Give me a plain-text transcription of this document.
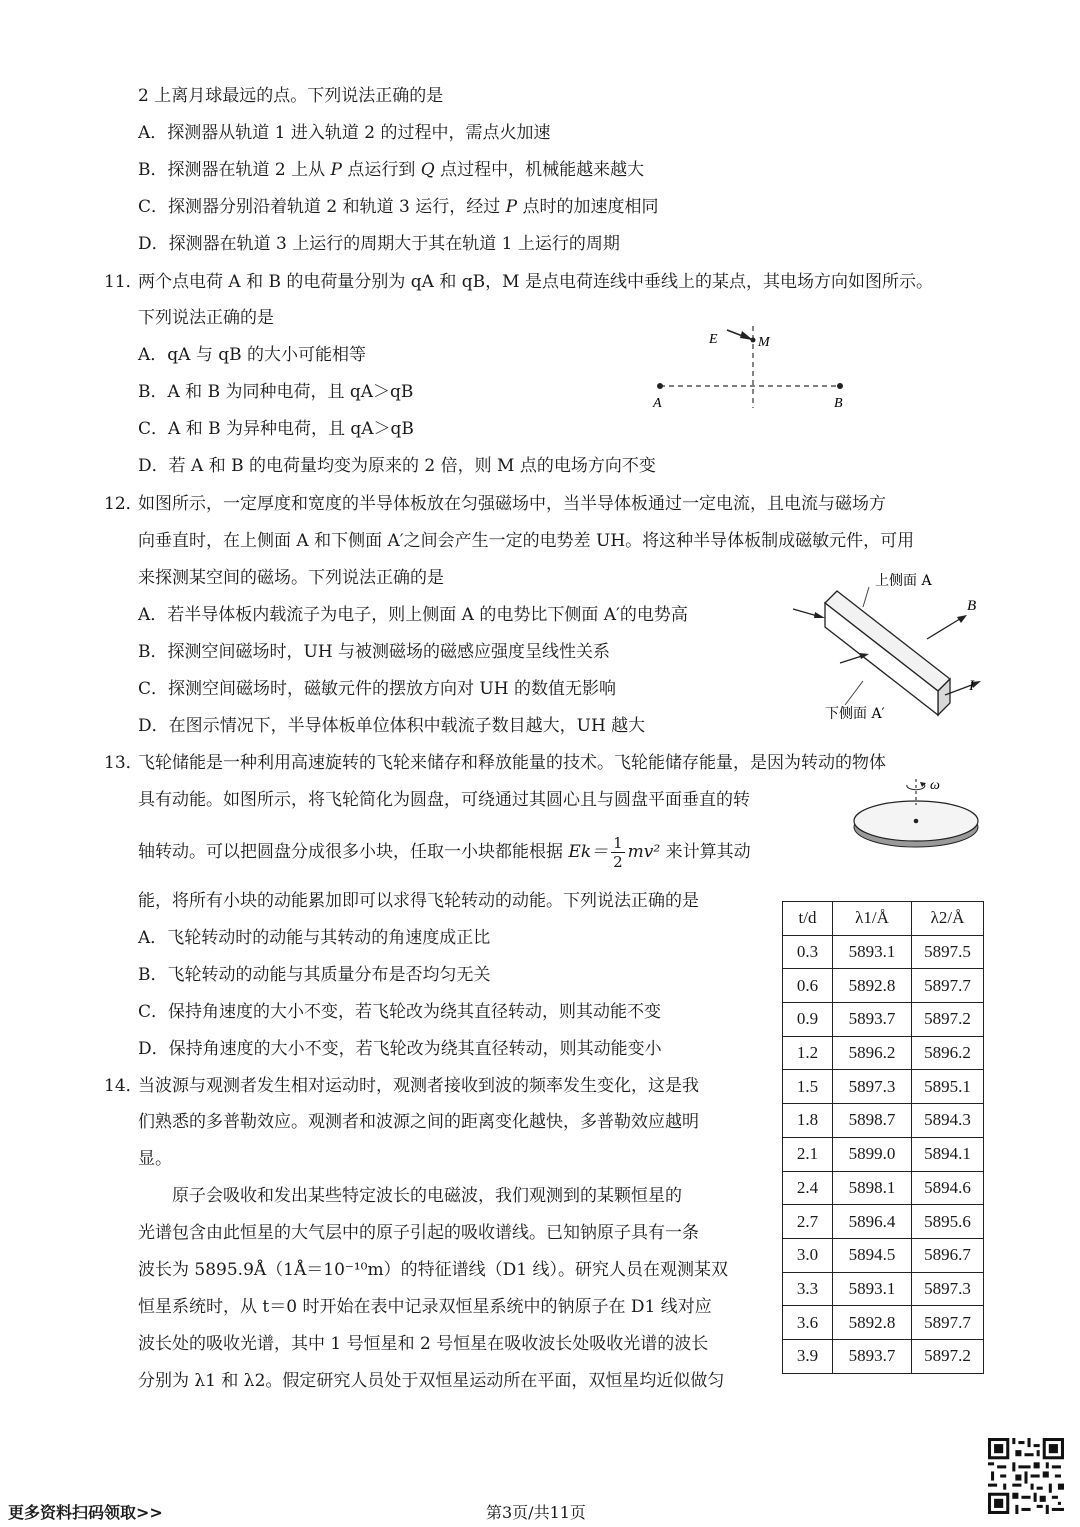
2 上离月球最远的点。下列说法正确的是
A．探测器从轨道 1 进入轨道 2 的过程中，需点火加速
B．探测器在轨道 2 上从 P 点运行到 Q 点过程中，机械能越来越大
C．探测器分别沿着轨道 2 和轨道 3 运行，经过 P 点时的加速度相同
D．探测器在轨道 3 上运行的周期大于其在轨道 1 上运行的周期
11．
两个点电荷 A 和 B 的电荷量分别为 qA 和 qB，M 是点电荷连线中垂线上的某点，其电场方向如图所示。
下列说法正确的是
A．qA 与 qB 的大小可能相等
B．A 和 B 为同种电荷，且 qA＞qB
C．A 和 B 为异种电荷，且 qA＞qB
D．若 A 和 B 的电荷量均变为原来的 2 倍，则 M 点的电场方向不变
E	M
A	B
12．
如图所示，一定厚度和宽度的半导体板放在匀强磁场中，当半导体板通过一定电流，且电流与磁场方
向垂直时，在上侧面 A 和下侧面 A′之间会产生一定的电势差 UH。将这种半导体板制成磁敏元件，可用
来探测某空间的磁场。下列说法正确的是
A．若半导体板内载流子为电子，则上侧面 A 的电势比下侧面 A′的电势高
B．探测空间磁场时，UH 与被测磁场的磁感应强度呈线性关系
C．探测空间磁场时，磁敏元件的摆放方向对 UH 的数值无影响
D．在图示情况下，半导体板单位体积中载流子数目越大，UH 越大
上侧面 A
下侧面 A′
B
I
13．
飞轮储能是一种利用高速旋转的飞轮来储存和释放能量的技术。飞轮能储存能量，是因为转动的物体
具有动能。如图所示，将飞轮简化为圆盘，可绕通过其圆心且与圆盘平面垂直的转
轴转动。可以把圆盘分成很多小块，任取一小块都能根据 $Ek= \frac{1}{2} mv^2$ 来计算其动
能，将所有小块的动能累加即可以求得飞轮转动的动能。下列说法正确的是
A．飞轮转动时的动能与其转动的角速度成正比
B．飞轮转动的动能与其质量分布是否均匀无关
C．保持角速度的大小不变，若飞轮改为绕其直径转动，则其动能不变
D．保持角速度的大小不变，若飞轮改为绕其直径转动，则其动能变小
ω
14．
当波源与观测者发生相对运动时，观测者接收到波的频率发生变化，这是我
们熟悉的多普勒效应。观测者和波源之间的距离变化越快，多普勒效应越明
显。
原子会吸收和发出某些特定波长的电磁波，我们观测到的某颗恒星的
光谱包含由此恒星的大气层中的原子引起的吸收谱线。已知钠原子具有一条
波长为 5895.9Å（1Å＝10⁻¹⁰m）的特征谱线（D1 线）。研究人员在观测某双
恒星系统时，从 t＝0 时开始在表中记录双恒星系统中的钠原子在 D1 线对应
波长处的吸收光谱，其中 1 号恒星和 2 号恒星在吸收波长处吸收光谱的波长
分别为 λ1 和 λ2。假定研究人员处于双恒星运动所在平面，双恒星均近似做匀
t/d	λ1/Å	λ2/Å
0.3	5893.1	5897.5
0.6	5892.8	5897.7
0.9	5893.7	5897.2
1.2	5896.2	5896.2
1.5	5897.3	5895.1
1.8	5898.7	5894.3
2.1	5899.0	5894.1
2.4	5898.1	5894.6
2.7	5896.4	5895.6
3.0	5894.5	5896.7
3.3	5893.1	5897.3
3.6	5892.8	5897.7
3.9	5893.7	5897.2
更多资料扫码领取>>	第3页/共11页
